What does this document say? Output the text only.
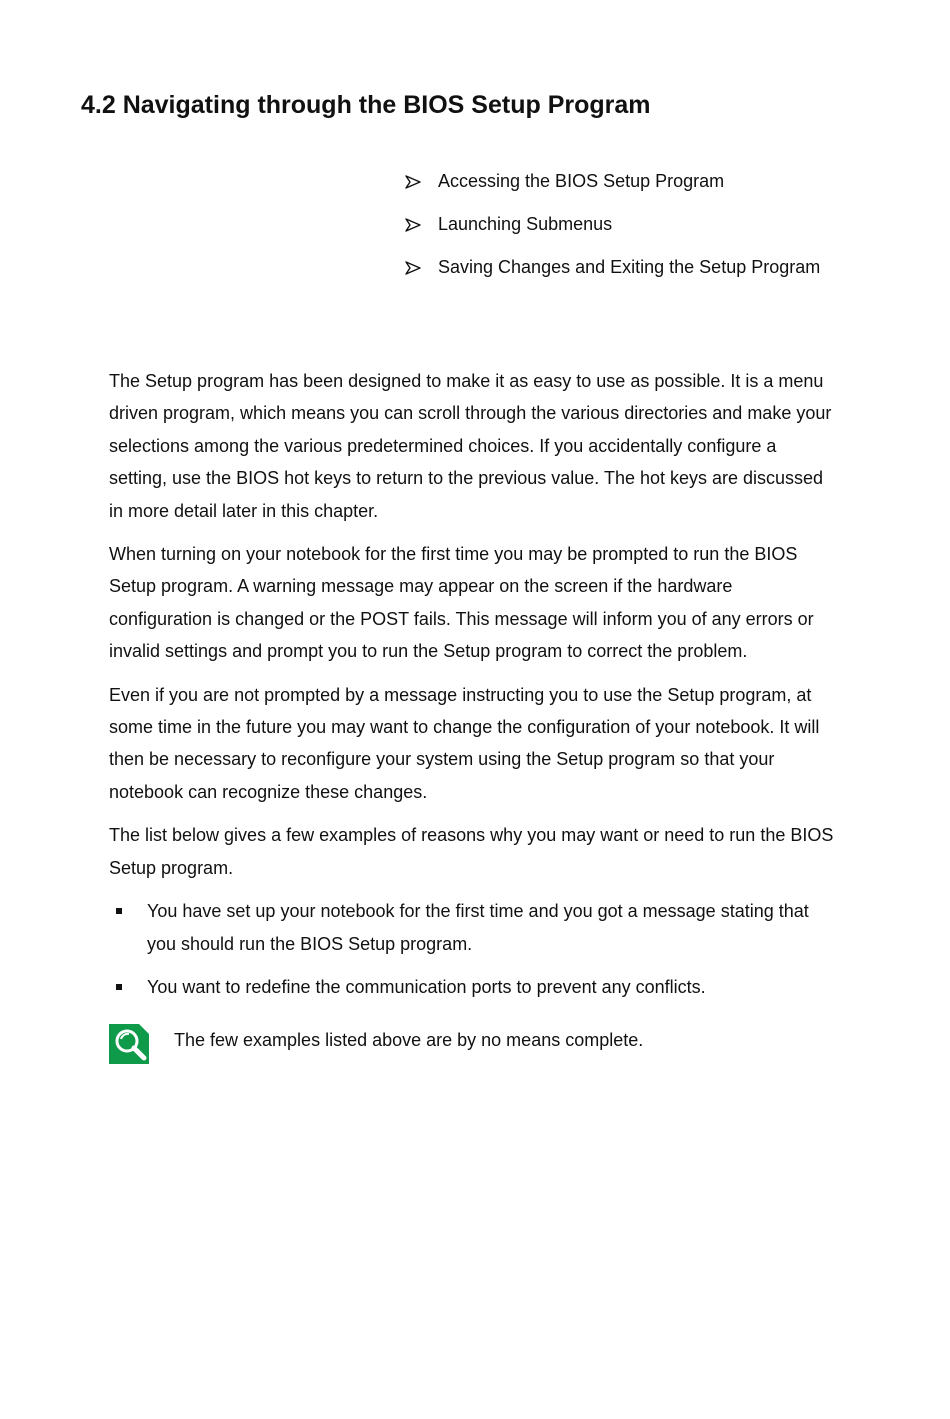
4.2 Navigating through the BIOS Setup Program
Accessing the BIOS Setup Program
Launching Submenus
Saving Changes and Exiting the Setup Program

The Setup program has been designed to make it as easy to use as possible. It is a menu driven program, which means you can scroll through the various directories and make your selections among the various predetermined choices. If you accidentally configure a setting, use the BIOS hot keys to return to the previous value. The hot keys are discussed in more detail later in this chapter.

When turning on your notebook for the first time you may be prompted to run the BIOS Setup program. A warning message may appear on the screen if the hardware configuration is changed or the POST fails. This message will inform you of any errors or invalid settings and prompt you to run the Setup program to correct the problem.

Even if you are not prompted by a message instructing you to use the Setup program, at some time in the future you may want to change the configuration of your notebook. It will then be necessary to reconfigure your system using the Setup program so that your notebook can recognize these changes.

The list below gives a few examples of reasons why you may want or need to run the BIOS Setup program.

You have set up your notebook for the first time and you got a message stating that you should run the BIOS Setup program.
You want to redefine the communication ports to prevent any conflicts.
The few examples listed above are by no means complete.
